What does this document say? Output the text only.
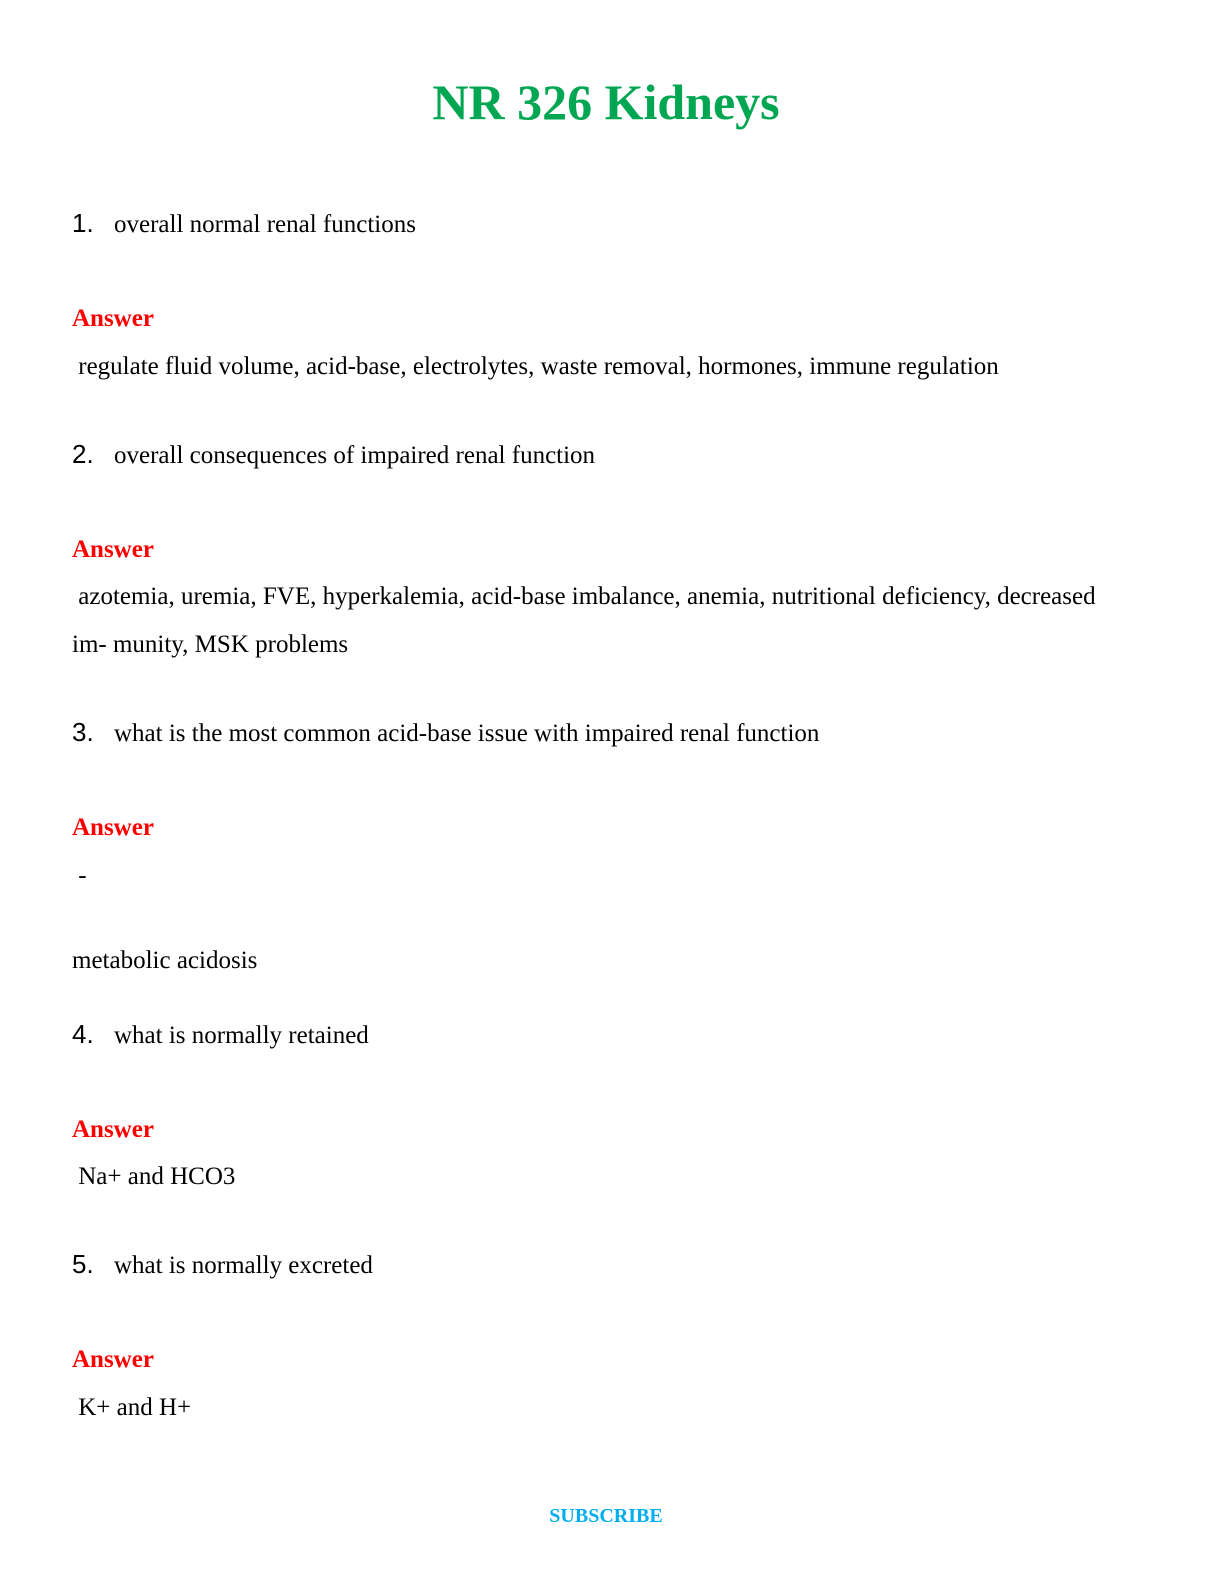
NR 326 Kidneys
1. overall normal renal functions
Answer
regulate fluid volume, acid-base, electrolytes, waste removal, hormones, immune regulation
2. overall consequences of impaired renal function
Answer
azotemia, uremia, FVE, hyperkalemia, acid-base imbalance, anemia, nutritional deficiency, decreased im- munity, MSK problems
3. what is the most common acid-base issue with impaired renal function
Answer
-
metabolic acidosis
4. what is normally retained
Answer
Na+ and HCO3
5. what is normally excreted
Answer
K+ and H+
SUBSCRIBE
